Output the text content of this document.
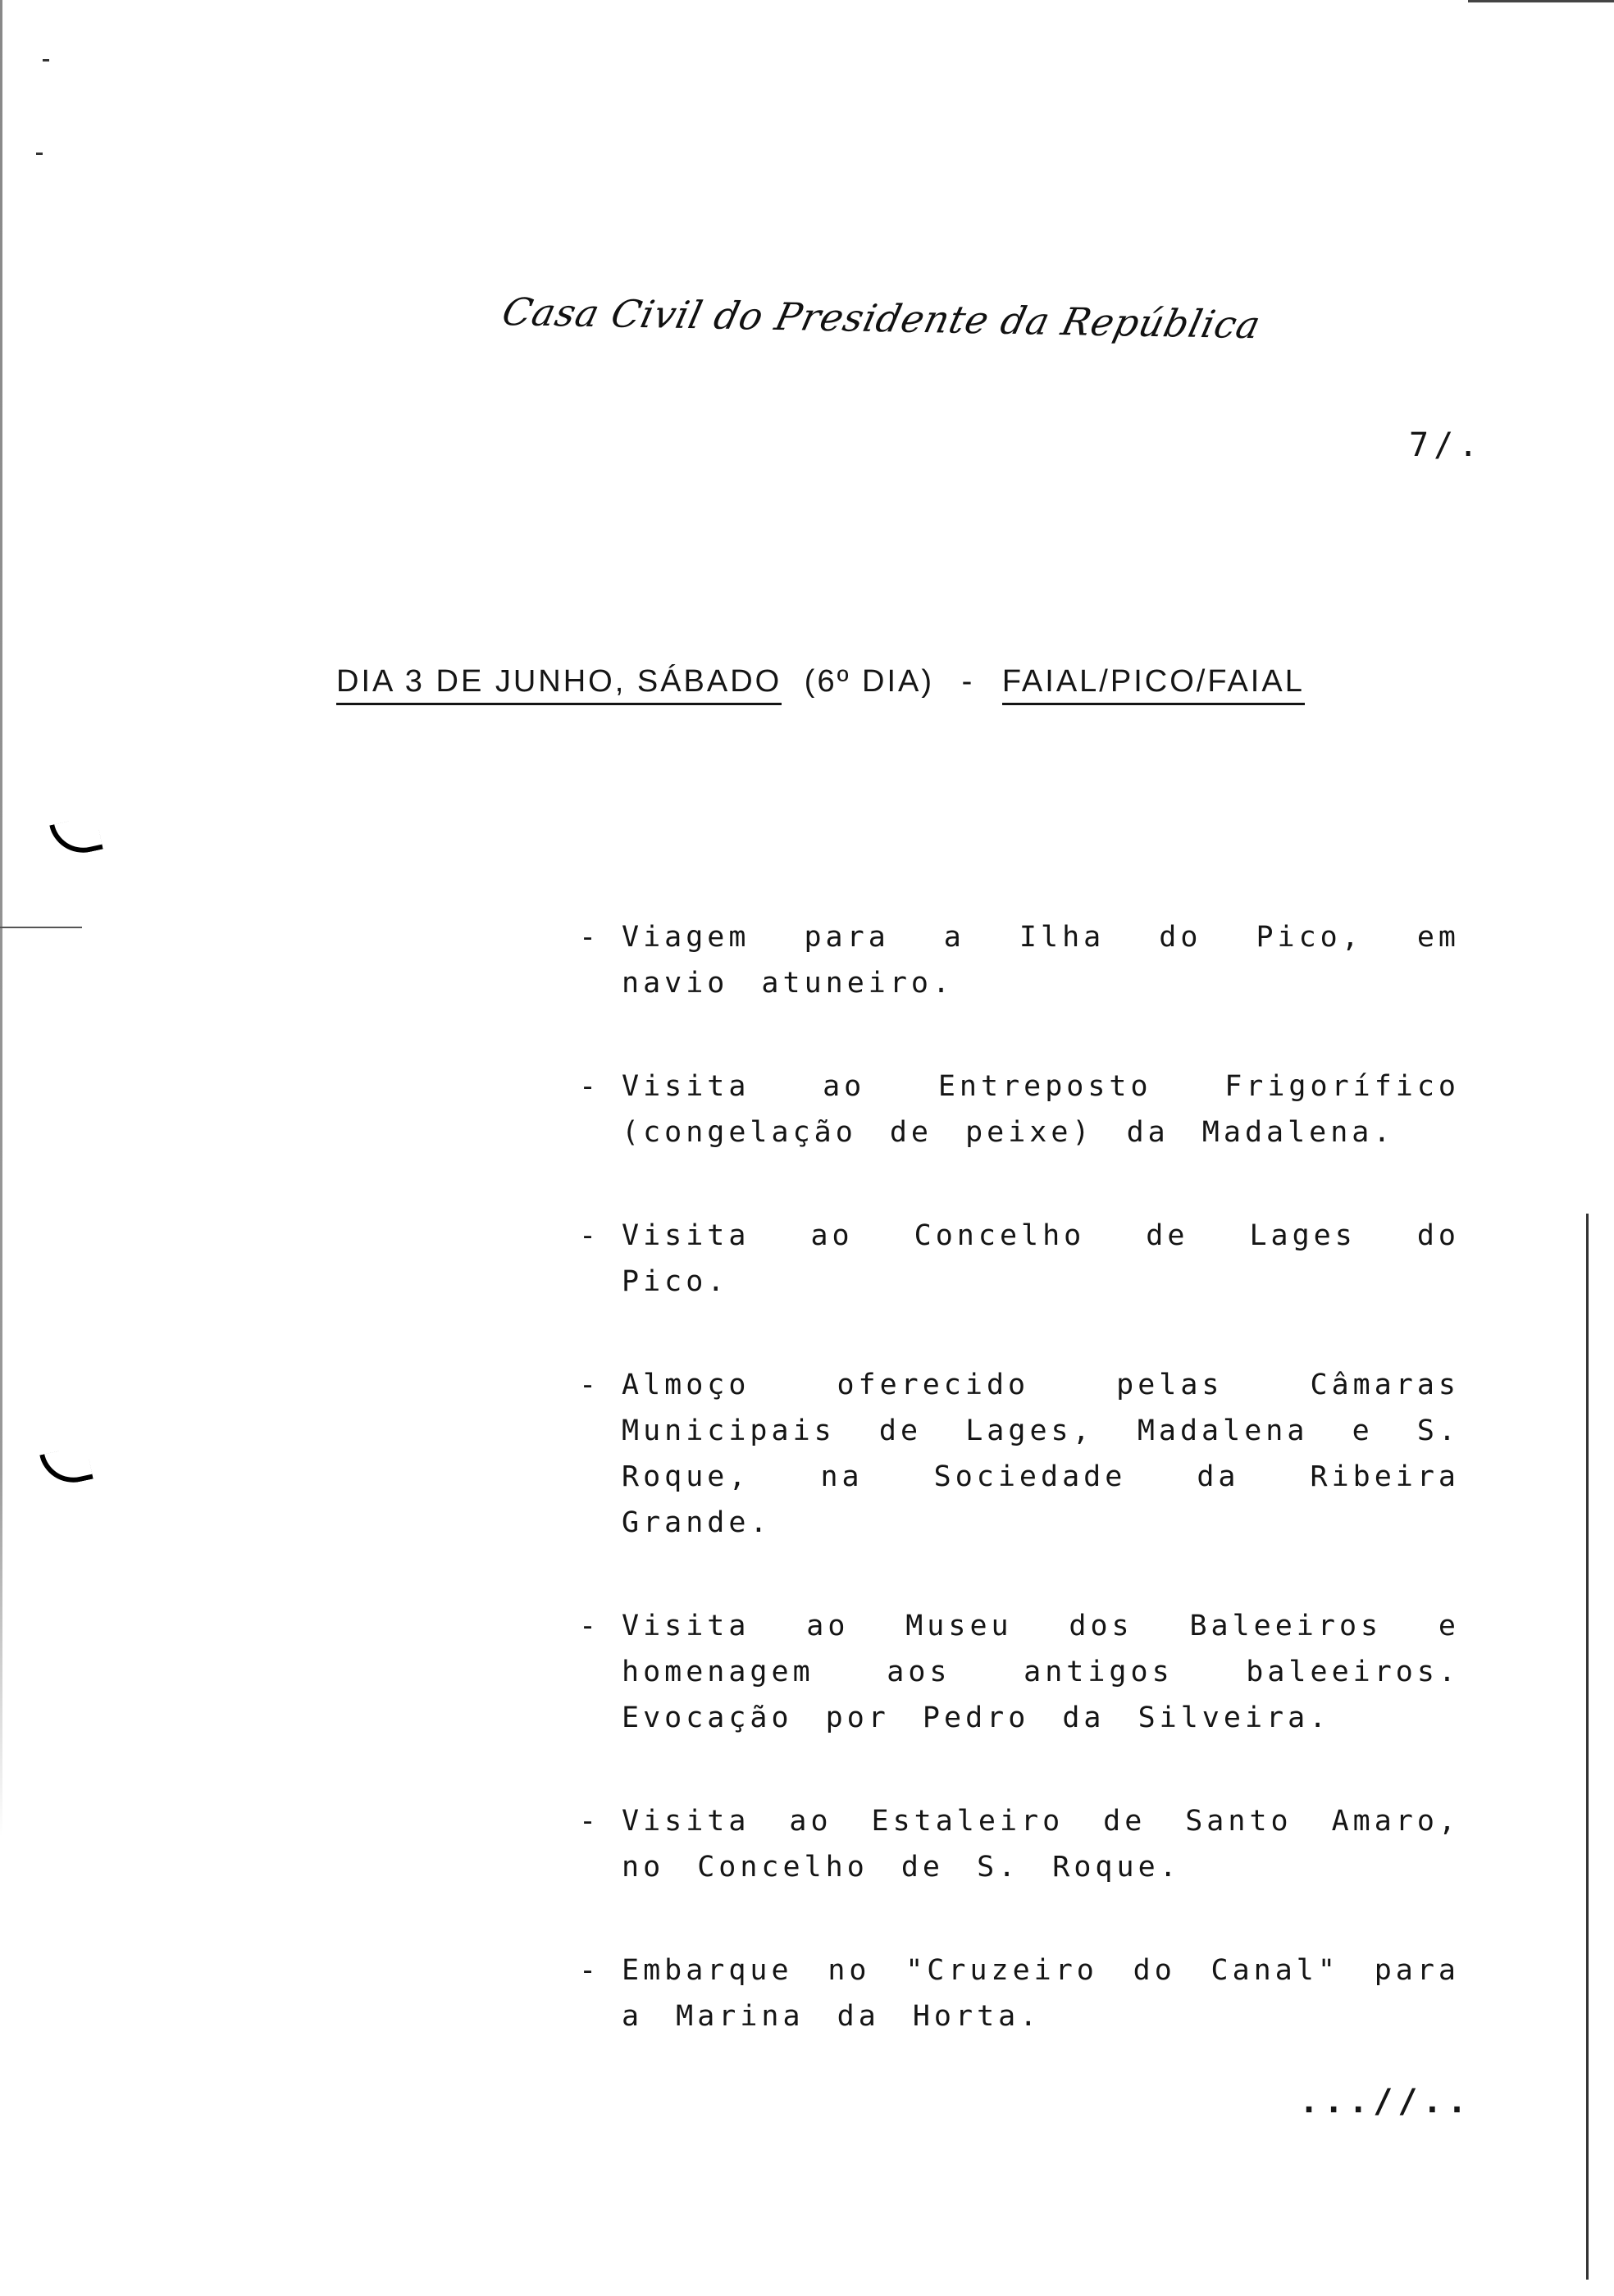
Casa Civil do Presidente da República
7/.
DIA 3 DE JUNHO, SÁBADO (6º DIA) - FAIAL/PICO/FAIAL
- Viagem para a Ilha do Pico, em navio atuneiro.
- Visita ao Entreposto Frigorífico (congelação de peixe) da Madalena.
- Visita ao Concelho de Lages do Pico.
- Almoço oferecido pelas Câmaras Municipais de Lages, Madalena e S. Roque, na Sociedade da Ribeira Grande.
- Visita ao Museu dos Baleeiros e homenagem aos antigos baleeiros. Evocação por Pedro da Silveira.
- Visita ao Estaleiro de Santo Amaro, no Concelho de S. Roque.
- Embarque no "Cruzeiro do Canal" para a Marina da Horta.
...//..
